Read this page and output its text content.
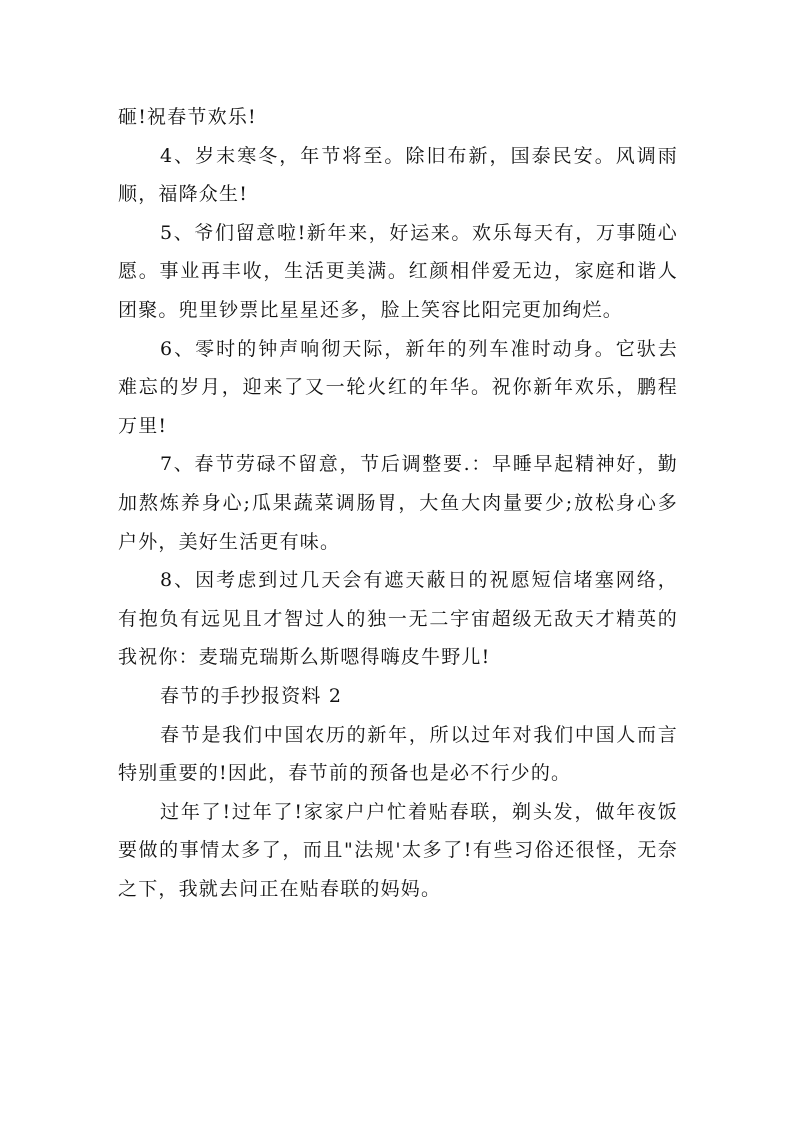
砸!祝春节欢乐!

4、岁末寒冬，年节将至。除旧布新，国泰民安。风调雨顺，福降众生!

5、爷们留意啦!新年来，好运来。欢乐每天有，万事随心愿。事业再丰收，生活更美满。红颜相伴爱无边，家庭和谐人团聚。兜里钞票比星星还多，脸上笑容比阳完更加绚烂。

6、零时的钟声响彻天际，新年的列车准时动身。它驮去难忘的岁月，迎来了又一轮火红的年华。祝你新年欢乐，鹏程万里!

7、春节劳碌不留意，节后调整要.：早睡早起精神好，勤加熬炼养身心;瓜果蔬菜调肠胃，大鱼大肉量要少;放松身心多户外，美好生活更有味。

8、因考虑到过几天会有遮天蔽日的祝愿短信堵塞网络，有抱负有远见且才智过人的独一无二宇宙超级无敌天才精英的我祝你：麦瑞克瑞斯么斯嗯得嗨皮牛野儿!

春节的手抄报资料 2

春节是我们中国农历的新年，所以过年对我们中国人而言特别重要的!因此，春节前的预备也是必不行少的。

过年了!过年了!家家户户忙着贴春联，剃头发，做年夜饭要做的事情太多了，而且"法规'太多了!有些习俗还很怪，无奈之下，我就去问正在贴春联的妈妈。
